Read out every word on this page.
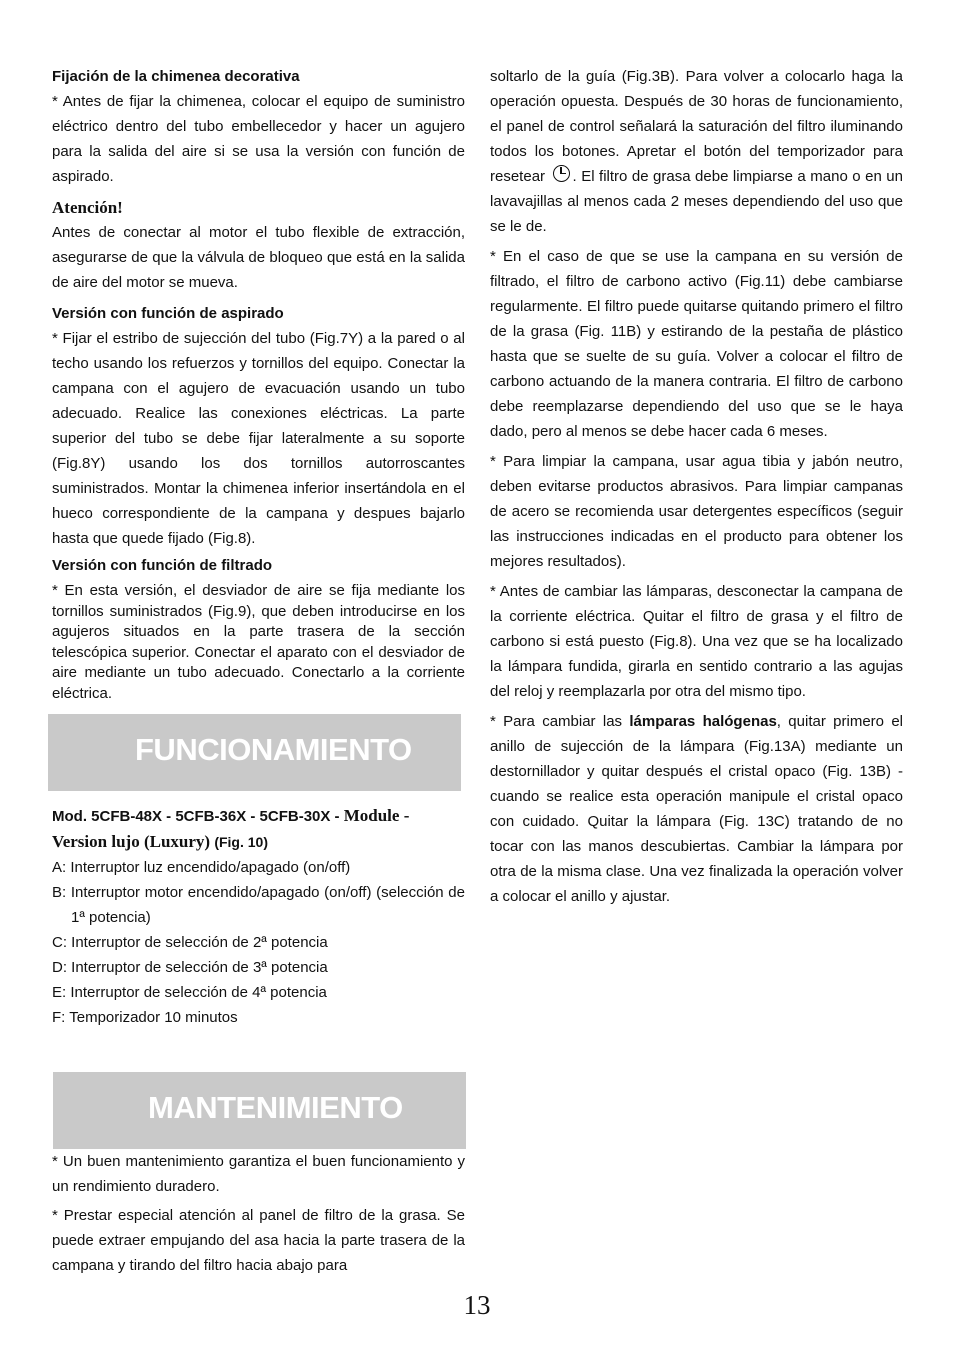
Fijación de la chimenea decorativa

* Antes de fijar la chimenea, colocar el equipo de suministro eléctrico dentro del tubo embellecedor y hacer un agujero para la salida del aire si se usa la versión con función de aspirado.

Atención!

Antes de conectar al motor el tubo flexible de extracción, asegurarse de que la válvula de bloqueo que está en la salida de aire del motor se mueva.

Versión con función de aspirado

* Fijar el estribo de sujección del tubo (Fig.7Y) a la pared o al techo usando los refuerzos y tornillos del equipo. Conectar la campana con el agujero de evacuación usando un tubo adecuado. Realice las conexiones eléctricas. La parte superior del tubo se debe fijar lateralmente a su soporte (Fig.8Y) usando los dos tornillos autorroscantes suministrados. Montar la chimenea inferior insertándola en el hueco correspondiente de la campana y despues bajarlo hasta que quede fijado (Fig.8).

Versión con función de filtrado

* En esta versión, el desviador de aire se fija mediante los tornillos suministrados (Fig.9), que deben introducirse en los agujeros situados en la parte trasera de la sección telescópica superior. Conectar el aparato con el desviador de aire mediante un tubo adecuado. Conectarlo a la corriente eléctrica.

FUNCIONAMIENTO

Mod. 5CFB-48X - 5CFB-36X - 5CFB-30X - Module -

Version lujo (Luxury) (Fig. 10)

A: Interruptor luz encendido/apagado (on/off)

B: Interruptor motor encendido/apagado (on/off) (selección de 1ª potencia)

C: Interruptor de selección de 2ª potencia

D: Interruptor de selección de 3ª potencia

E: Interruptor de selección de 4ª potencia

F: Temporizador 10 minutos

MANTENIMIENTO

* Un buen mantenimiento garantiza el buen funcionamiento y un rendimiento duradero.

* Prestar especial atención al panel de filtro de la grasa. Se puede extraer empujando del asa hacia la parte trasera de la campana y tirando del filtro hacia abajo para

soltarlo de la guía (Fig.3B). Para volver a colocarlo haga la operación opuesta. Después de 30 horas de funcionamiento, el panel de control señalará la saturación del filtro iluminando todos los botones. Apretar el botón del temporizador para resetear . El filtro de grasa debe limpiarse a mano o en un lavavajillas al menos cada 2 meses dependiendo del uso que se le de.

* En el caso de que se use la campana en su versión de filtrado, el filtro de carbono activo (Fig.11) debe cambiarse regularmente. El filtro puede quitarse quitando primero el filtro de la grasa (Fig. 11B) y estirando de la pestaña de plástico hasta que se suelte de su guía. Volver a colocar el filtro de carbono actuando de la manera contraria. El filtro de carbono debe reemplazarse dependiendo del uso que se le haya dado, pero al menos se debe hacer cada 6 meses.

* Para limpiar la campana, usar agua tibia y jabón neutro, deben evitarse productos abrasivos. Para limpiar campanas de acero se recomienda usar detergentes específicos (seguir las instrucciones indicadas en el producto para obtener los mejores resultados).

* Antes de cambiar las lámparas, desconectar la campana de la corriente eléctrica. Quitar el filtro de grasa y el filtro de carbono si está puesto (Fig.8). Una vez que se ha localizado la lámpara fundida, girarla en sentido contrario a las agujas del reloj y reemplazarla por otra del mismo tipo.

* Para cambiar las lámparas halógenas, quitar primero el anillo de sujección de la lámpara (Fig.13A) mediante un destornillador y quitar después el cristal opaco (Fig. 13B) - cuando se realice esta operación manipule el cristal opaco con cuidado. Quitar la lámpara (Fig. 13C) tratando de no tocar con las manos descubiertas. Cambiar la lámpara por otra de la misma clase. Una vez finalizada la operación volver a colocar el anillo y ajustar.

13
